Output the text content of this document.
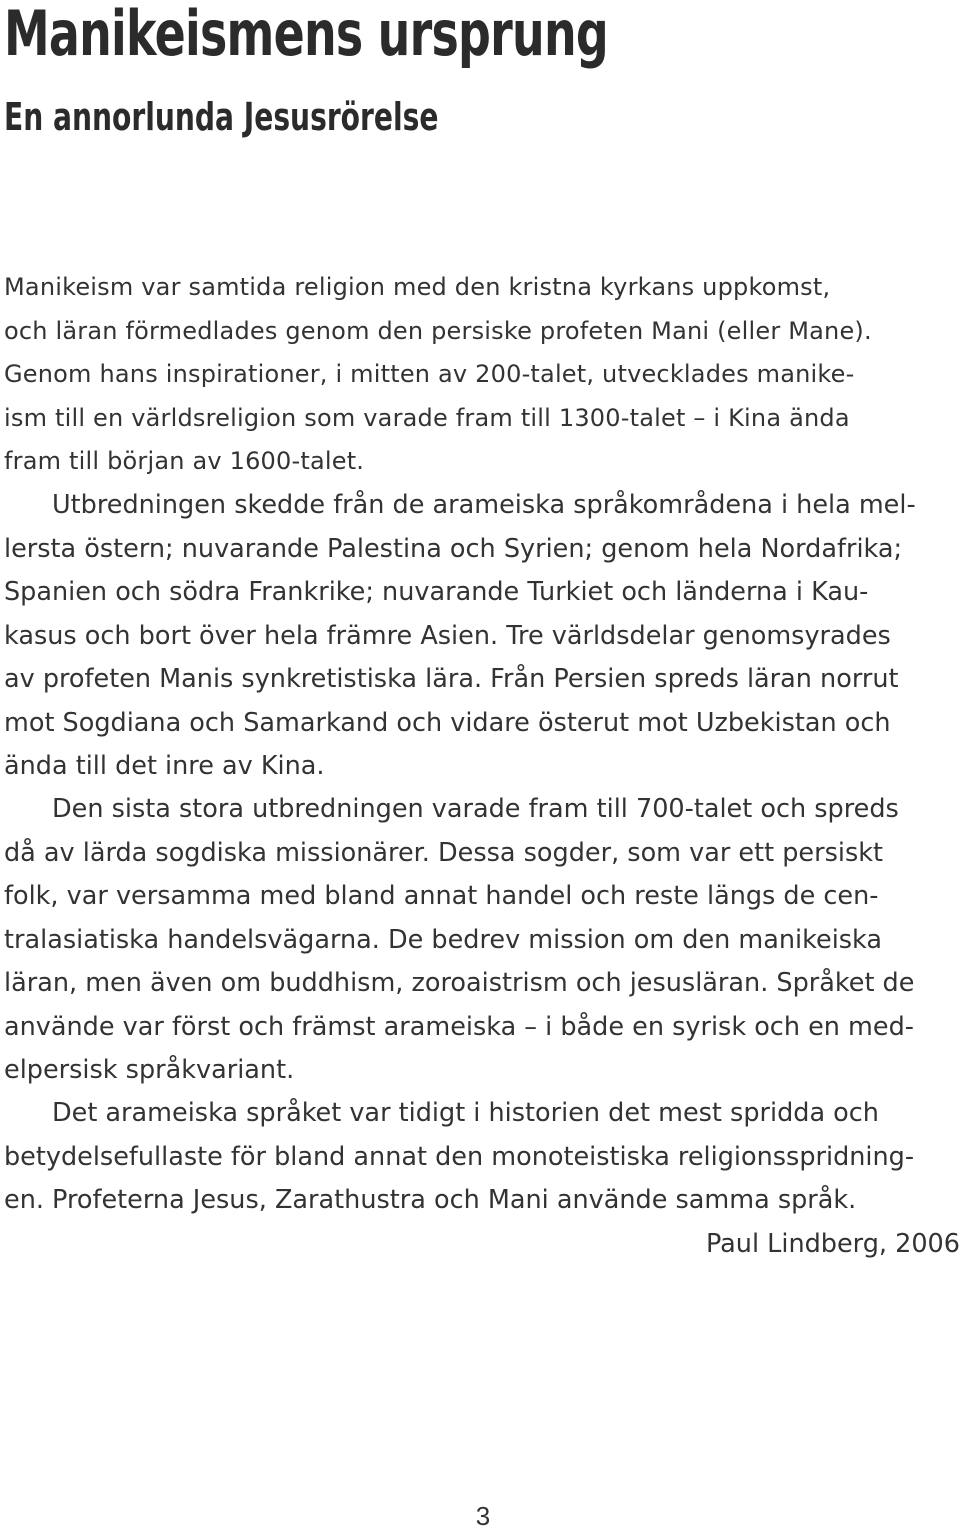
Manikeismens ursprung
En annorlunda Jesusrörelse
Manikeism var samtida religion med den kristna kyrkans uppkomst,
och läran förmedlades genom den persiske profeten Mani (eller Mane).
Genom hans inspirationer, i mitten av 200-talet, utvecklades manike-
ism till en världsreligion som varade fram till 1300-talet – i Kina ända
fram till början av 1600-talet.
Utbredningen skedde från de arameiska språkområdena i hela mel-
lersta östern; nuvarande Palestina och Syrien; genom hela Nordafrika;
Spanien och södra Frankrike; nuvarande Turkiet och länderna i Kau-
kasus och bort över hela främre Asien. Tre världsdelar genomsyrades
av profeten Manis synkretistiska lära. Från Persien spreds läran norrut
mot Sogdiana och Samarkand och vidare österut mot Uzbekistan och
ända till det inre av Kina.
Den sista stora utbredningen varade fram till 700-talet och spreds
då av lärda sogdiska missionärer. Dessa sogder, som var ett persiskt
folk, var versamma med bland annat handel och reste längs de cen-
tralasiatiska handelsvägarna. De bedrev mission om den manikeiska
läran, men även om buddhism, zoroaistrism och jesusläran. Språket de
använde var först och främst arameiska – i både en syrisk och en med-
elpersisk språkvariant.
Det arameiska språket var tidigt i historien det mest spridda och
betydelsefullaste för bland annat den monoteistiska religionsspridning-
en. Profeterna Jesus, Zarathustra och Mani använde samma språk.
Paul Lindberg, 2006
3
